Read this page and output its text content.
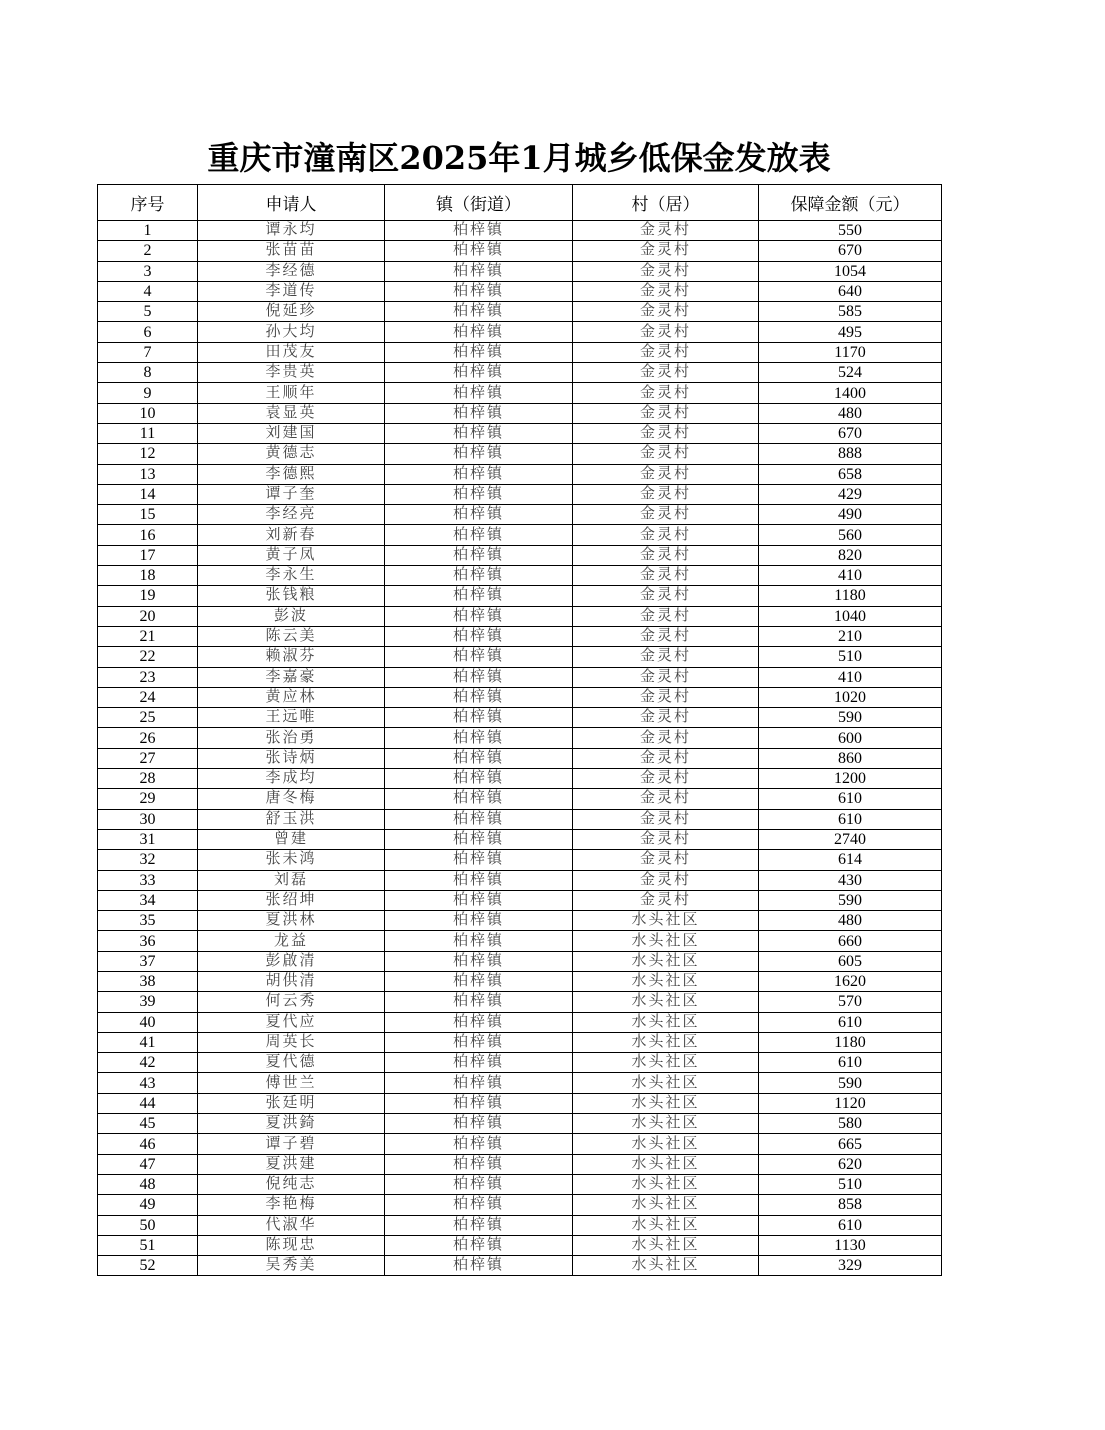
重庆市潼南区2025年1月城乡低保金发放表
序号	申请人	镇（街道）	村（居）	保障金额（元）
1	谭永均	柏梓镇	金灵村	550
2	张苗苗	柏梓镇	金灵村	670
3	李经德	柏梓镇	金灵村	1054
4	李道传	柏梓镇	金灵村	640
5	倪延珍	柏梓镇	金灵村	585
6	孙大均	柏梓镇	金灵村	495
7	田茂友	柏梓镇	金灵村	1170
8	李贵英	柏梓镇	金灵村	524
9	王顺年	柏梓镇	金灵村	1400
10	袁显英	柏梓镇	金灵村	480
11	刘建国	柏梓镇	金灵村	670
12	黄德志	柏梓镇	金灵村	888
13	李德熙	柏梓镇	金灵村	658
14	谭子奎	柏梓镇	金灵村	429
15	李经亮	柏梓镇	金灵村	490
16	刘新春	柏梓镇	金灵村	560
17	黄子凤	柏梓镇	金灵村	820
18	李永生	柏梓镇	金灵村	410
19	张钱粮	柏梓镇	金灵村	1180
20	彭波	柏梓镇	金灵村	1040
21	陈云美	柏梓镇	金灵村	210
22	赖淑芬	柏梓镇	金灵村	510
23	李嘉豪	柏梓镇	金灵村	410
24	黄应林	柏梓镇	金灵村	1020
25	王远唯	柏梓镇	金灵村	590
26	张治勇	柏梓镇	金灵村	600
27	张诗炳	柏梓镇	金灵村	860
28	李成均	柏梓镇	金灵村	1200
29	唐冬梅	柏梓镇	金灵村	610
30	舒玉洪	柏梓镇	金灵村	610
31	曾建	柏梓镇	金灵村	2740
32	张未鸿	柏梓镇	金灵村	614
33	刘磊	柏梓镇	金灵村	430
34	张绍坤	柏梓镇	金灵村	590
35	夏洪林	柏梓镇	水头社区	480
36	龙益	柏梓镇	水头社区	660
37	彭啟清	柏梓镇	水头社区	605
38	胡供清	柏梓镇	水头社区	1620
39	何云秀	柏梓镇	水头社区	570
40	夏代应	柏梓镇	水头社区	610
41	周英长	柏梓镇	水头社区	1180
42	夏代德	柏梓镇	水头社区	610
43	傅世兰	柏梓镇	水头社区	590
44	张廷明	柏梓镇	水头社区	1120
45	夏洪錡	柏梓镇	水头社区	580
46	谭子碧	柏梓镇	水头社区	665
47	夏洪建	柏梓镇	水头社区	620
48	倪纯志	柏梓镇	水头社区	510
49	李艳梅	柏梓镇	水头社区	858
50	代淑华	柏梓镇	水头社区	610
51	陈现忠	柏梓镇	水头社区	1130
52	吴秀美	柏梓镇	水头社区	329
